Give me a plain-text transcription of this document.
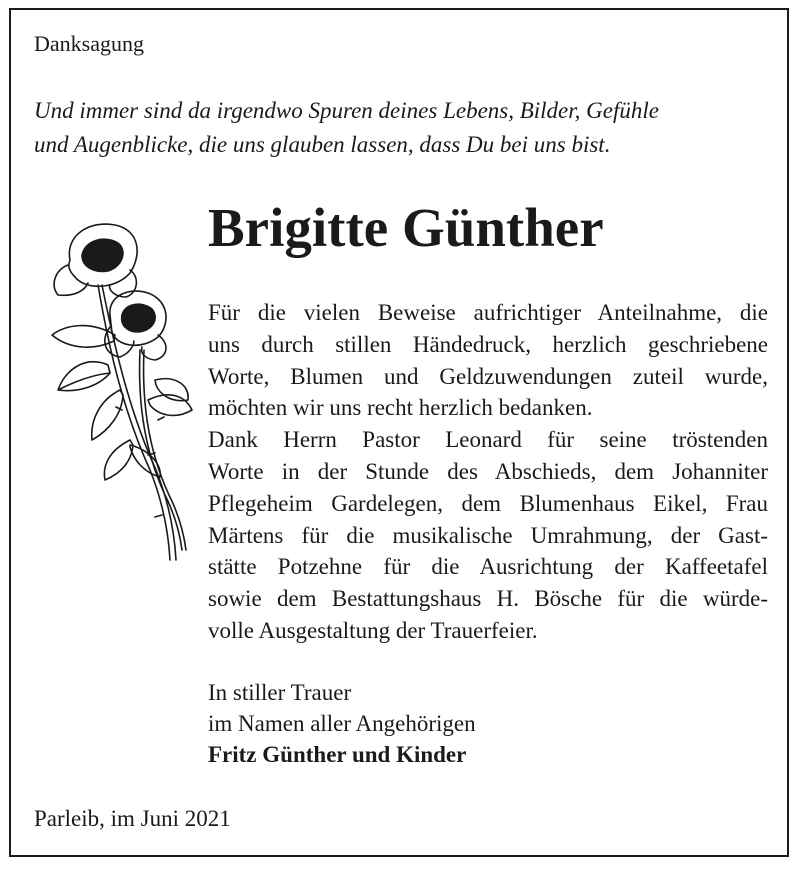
Danksagung
Und immer sind da irgendwo Spuren deines Lebens, Bilder, Gefühle
und Augenblicke, die uns glauben lassen, dass Du bei uns bist.
Brigitte Günther
Für die vielen Beweise aufrichtiger Anteilnahme, die
uns durch stillen Händedruck, herzlich geschriebene
Worte, Blumen und Geldzuwendungen zuteil wurde,
möchten wir uns recht herzlich bedanken.
Dank Herrn Pastor Leonard für seine tröstenden
Worte in der Stunde des Abschieds, dem Johanniter
Pflegeheim Gardelegen, dem Blumenhaus Eikel, Frau
Märtens für die musikalische Umrahmung, der Gast-
stätte Potzehne für die Ausrichtung der Kaffeetafel
sowie dem Bestattungshaus H. Bösche für die würde-
volle Ausgestaltung der Trauerfeier.
In stiller Trauer
im Namen aller Angehörigen
Fritz Günther und Kinder
Parleib, im Juni 2021
